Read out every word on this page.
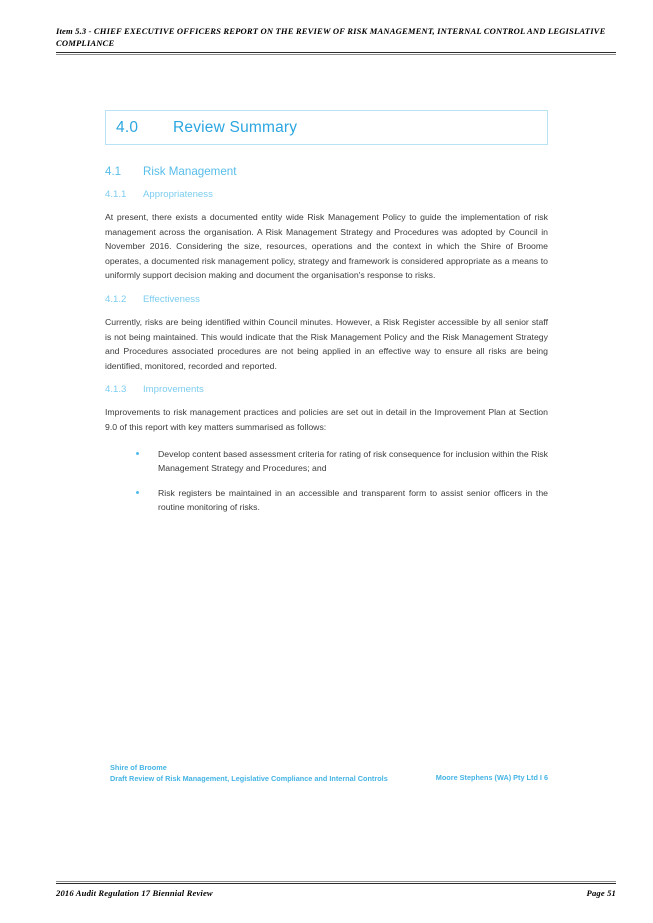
Item 5.3 - CHIEF EXECUTIVE OFFICERS REPORT ON THE REVIEW OF RISK MANAGEMENT, INTERNAL CONTROL AND LEGISLATIVE COMPLIANCE

4.0	Review Summary
4.1	Risk Management
4.1.1	Appropriateness

At present, there exists a documented entity wide Risk Management Policy to guide the implementation of risk management across the organisation. A Risk Management Strategy and Procedures was adopted by Council in November 2016. Considering the size, resources, operations and the context in which the Shire of Broome operates, a documented risk management policy, strategy and framework is considered appropriate as a means to uniformly support decision making and document the organisation's response to risks.

4.1.2	Effectiveness

Currently, risks are being identified within Council minutes. However, a Risk Register accessible by all senior staff is not being maintained. This would indicate that the Risk Management Policy and the Risk Management Strategy and Procedures associated procedures are not being applied in an effective way to ensure all risks are being identified, monitored, recorded and reported.

4.1.3	Improvements

Improvements to risk management practices and policies are set out in detail in the Improvement Plan at Section 9.0 of this report with key matters summarised as follows:

Develop content based assessment criteria for rating of risk consequence for inclusion within the Risk Management Strategy and Procedures; and
Risk registers be maintained in an accessible and transparent form to assist senior officers in the routine monitoring of risks.
Shire of Broome
Draft Review of Risk Management, Legislative Compliance and Internal Controls	Moore Stephens (WA) Pty Ltd I 6
2016 Audit Regulation 17 Biennial Review	Page 51
